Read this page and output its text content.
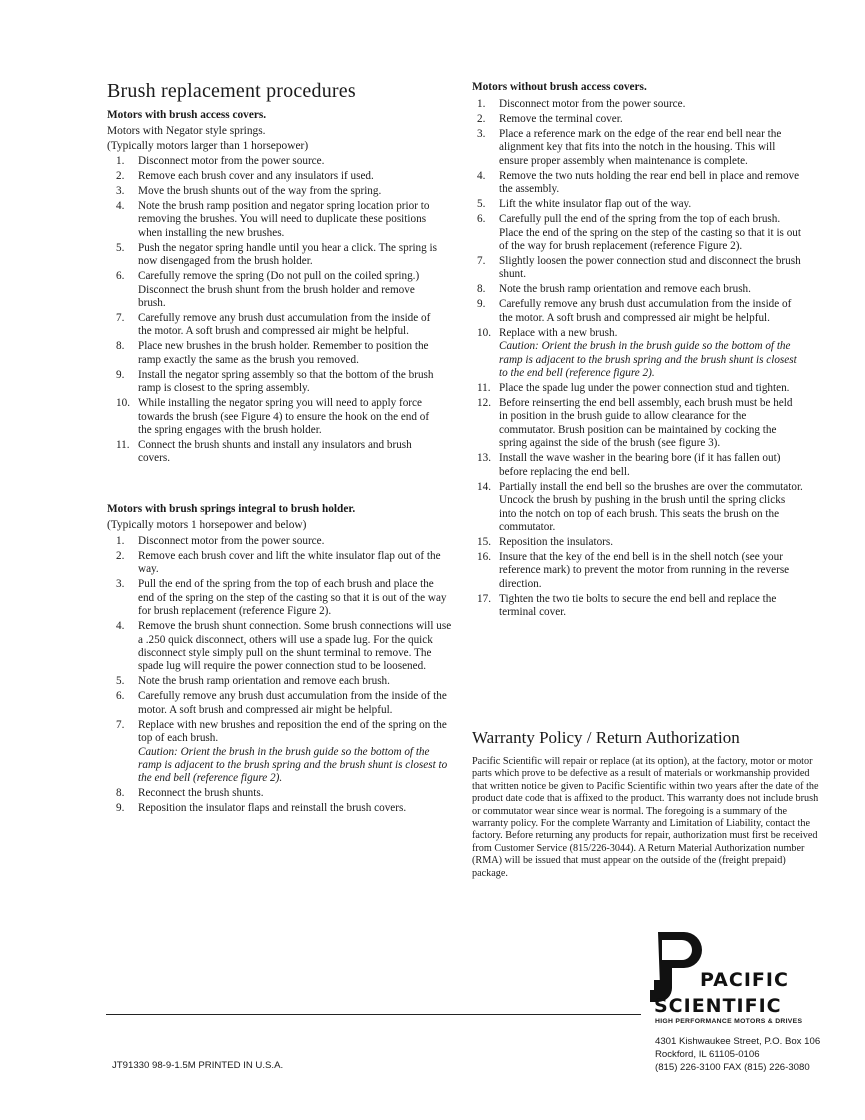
Brush replacement procedures
Motors with brush access covers.

Motors with Negator style springs.

(Typically motors larger than 1 horsepower)

1. Disconnect motor from the power source.
2. Remove each brush cover and any insulators if used.
3. Move the brush shunts out of the way from the spring.
4. Note the brush ramp position and negator spring location prior to removing the brushes. You will need to duplicate these positions when installing the new brushes.
5. Push the negator spring handle until you hear a click. The spring is now disengaged from the brush holder.
6. Carefully remove the spring (Do not pull on the coiled spring.) Disconnect the brush shunt from the brush holder and remove brush.
7. Carefully remove any brush dust accumulation from the inside of the motor. A soft brush and compressed air might be helpful.
8. Place new brushes in the brush holder. Remember to position the ramp exactly the same as the brush you removed.
9. Install the negator spring assembly so that the bottom of the brush ramp is closest to the spring assembly.
10. While installing the negator spring you will need to apply force towards the brush (see Figure 4) to ensure the hook on the end of the spring engages with the brush holder.
11. Connect the brush shunts and install any insulators and brush covers.
Motors with brush springs integral to brush holder.

(Typically motors 1 horsepower and below)

1. Disconnect motor from the power source.
2. Remove each brush cover and lift the white insulator flap out of the way.
3. Pull the end of the spring from the top of each brush and place the end of the spring on the step of the casting so that it is out of the way for brush replacement (reference Figure 2).
4. Remove the brush shunt connection. Some brush connections will use a .250 quick disconnect, others will use a spade lug. For the quick disconnect style simply pull on the shunt terminal to remove. The spade lug will require the power connection stud to be loosened.
5. Note the brush ramp orientation and remove each brush.
6. Carefully remove any brush dust accumulation from the inside of the motor. A soft brush and compressed air might be helpful.
7. Replace with new brushes and reposition the end of the spring on the top of each brush.
Caution: Orient the brush in the brush guide so the bottom of the ramp is adjacent to the brush spring and the brush shunt is closest to the end bell (reference figure 2).
8. Reconnect the brush shunts.
9. Reposition the insulator flaps and reinstall the brush covers.
Motors without brush access covers.
1. Disconnect motor from the power source.
2. Remove the terminal cover.
3. Place a reference mark on the edge of the rear end bell near the alignment key that fits into the notch in the housing. This will ensure proper assembly when maintenance is complete.
4. Remove the two nuts holding the rear end bell in place and remove the assembly.
5. Lift the white insulator flap out of the way.
6. Carefully pull the end of the spring from the top of each brush. Place the end of the spring on the step of the casting so that it is out of the way for brush replacement (reference Figure 2).
7. Slightly loosen the power connection stud and disconnect the brush shunt.
8. Note the brush ramp orientation and remove each brush.
9. Carefully remove any brush dust accumulation from the inside of the motor. A soft brush and compressed air might be helpful.
10. Replace with a new brush.
Caution: Orient the brush in the brush guide so the bottom of the ramp is adjacent to the brush spring and the brush shunt is closest to the end bell (reference figure 2).
11. Place the spade lug under the power connection stud and tighten.
12. Before reinserting the end bell assembly, each brush must be held in position in the brush guide to allow clearance for the commutator. Brush position can be maintained by cocking the spring against the side of the brush (see figure 3).
13. Install the wave washer in the bearing bore (if it has fallen out) before replacing the end bell.
14. Partially install the end bell so the brushes are over the commutator. Uncock the brush by pushing in the brush until the spring clicks into the notch on top of each brush. This seats the brush on the commutator.
15. Reposition the insulators.
16. Insure that the key of the end bell is in the shell notch (see your reference mark) to prevent the motor from running in the reverse direction.
17. Tighten the two tie bolts to secure the end bell and replace the terminal cover.
Warranty Policy / Return Authorization

Pacific Scientific will repair or replace (at its option), at the factory, motor or motor parts which prove to be defective as a result of materials or workmanship provided that written notice be given to Pacific Scientific within two years after the date of the product date code that is affixed to the product. This warranty does not include brush or commutator wear since wear is normal. The foregoing is a summary of the warranty policy. For the complete Warranty and Limitation of Liability, contact the factory. Before returning any products for repair, authorization must first be received from Customer Service (815/226-3044). A Return Material Authorization number (RMA) will be issued that must appear on the outside of the (freight prepaid) package.

PACIFIC
SCIENTIFIC

HIGH PERFORMANCE MOTORS & DRIVES

4301 Kishwaukee Street, P.O. Box 106

Rockford, IL 61105-0106

(815) 226-3100 FAX (815) 226-3080

JT91330 98-9-1.5M PRINTED IN U.S.A.
